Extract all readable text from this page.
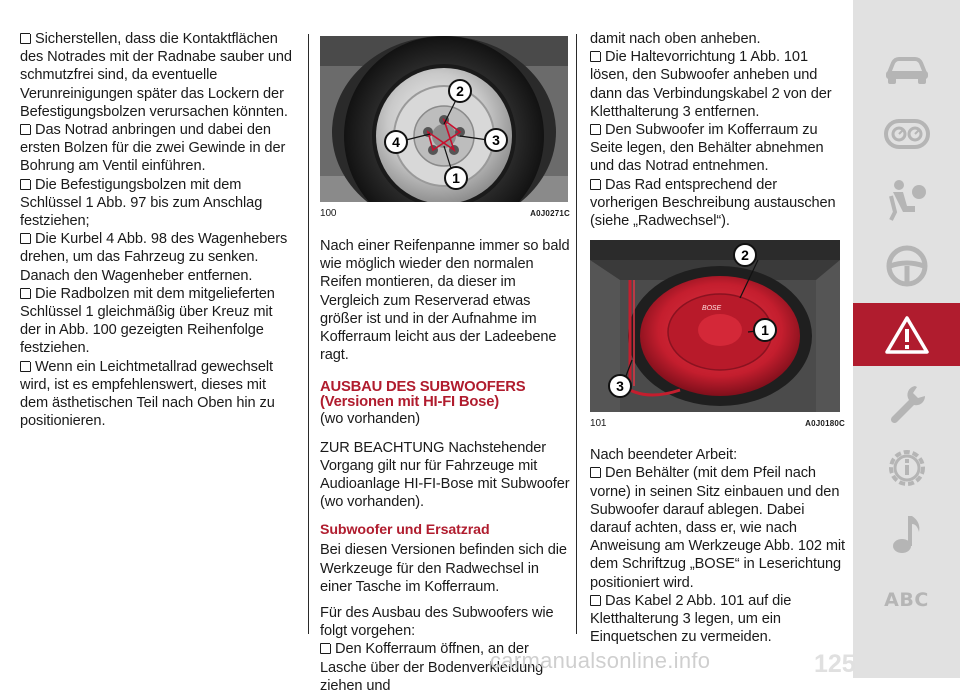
Sicherstellen, dass die Kontaktflächen des Notrades mit der Radnabe sauber und schmutzfrei sind, da eventuelle Verunreinigungen später das Lockern der Befestigungsbolzen verursachen könnten.

Das Notrad anbringen und dabei den ersten Bolzen für die zwei Gewinde in der Bohrung am Ventil einführen.

Die Befestigungsbolzen mit dem Schlüssel 1 Abb. 97 bis zum Anschlag festziehen;

Die Kurbel 4 Abb. 98 des Wagenhebers drehen, um das Fahrzeug zu senken. Danach den Wagenheber entfernen.

Die Radbolzen mit dem mitgelieferten Schlüssel 1 gleichmäßig über Kreuz mit der in Abb. 100 gezeigten Reihenfolge festziehen.

Wenn ein Leichtmetallrad gewechselt wird, ist es empfehlenswert, dieses mit dem ästhetischen Teil nach Oben hin zu positionieren.

2
3
1
4
100	A0J0271C

Nach einer Reifenpanne immer so bald wie möglich wieder den normalen Reifen montieren, da dieser im Vergleich zum Reserverad etwas größer ist und in der Aufnahme im Kofferraum leicht aus der Ladeebene ragt.

AUSBAU DES SUBWOOFERS
(Versionen mit HI-FI Bose)

(wo vorhanden)

ZUR BEACHTUNG Nachstehender Vorgang gilt nur für Fahrzeuge mit Audioanlage HI-FI-Bose mit Subwoofer (wo vorhanden).

Subwoofer und Ersatzrad

Bei diesen Versionen befinden sich die Werkzeuge für den Radwechsel in einer Tasche im Kofferraum.

Für des Ausbau des Subwoofers wie folgt vorgehen:

Den Kofferraum öffnen, an der Lasche über der Bodenverkleidung ziehen und

damit nach oben anheben.

Die Haltevorrichtung 1 Abb. 101 lösen, den Subwoofer anheben und dann das Verbindungskabel 2 von der Kletthalterung 3 entfernen.

Den Subwoofer im Kofferraum zu Seite legen, den Behälter abnehmen und das Notrad entnehmen.

Das Rad entsprechend der vorherigen Beschreibung austauschen (siehe „Radwechsel“).

BOSE
2
1
3
101	A0J0180C

Nach beendeter Arbeit:

Den Behälter (mit dem Pfeil nach vorne) in seinen Sitz einbauen und den Subwoofer darauf ablegen. Dabei darauf achten, dass er, wie nach Anweisung am Werkzeuge Abb. 102 mit dem Schriftzug „BOSE“ in Leserichtung positioniert wird.

Das Kabel 2 Abb. 101 auf die Kletthalterung 3 legen, um ein Einquetschen zu vermeiden.

ABC
carmanualsonline.info	125
